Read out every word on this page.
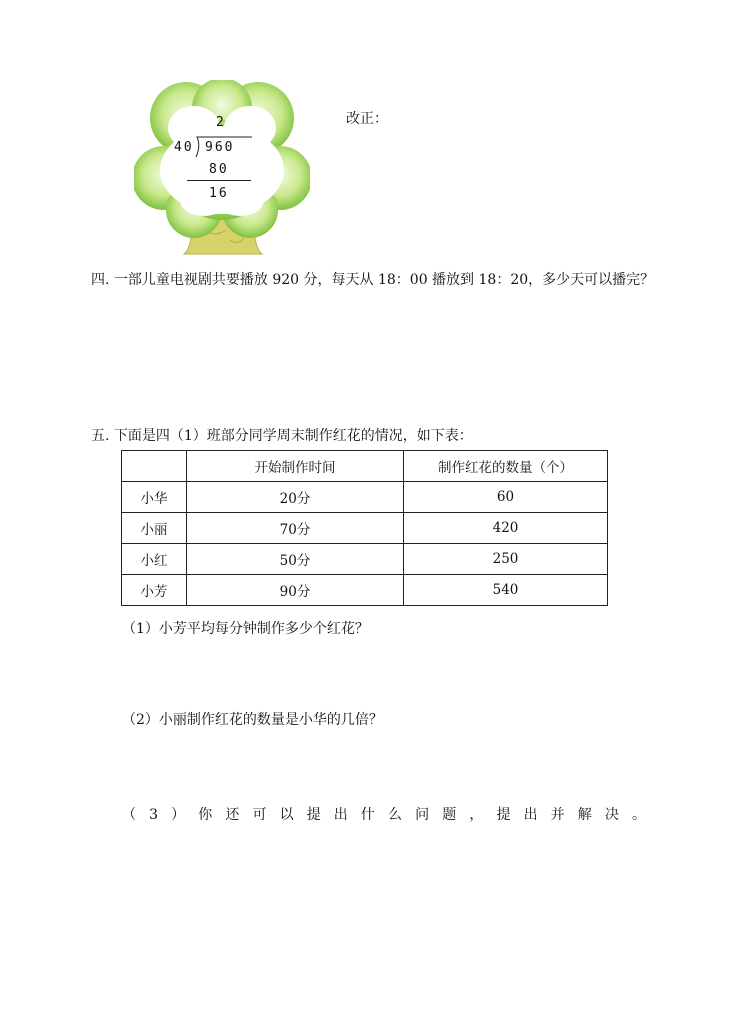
2
40 960
80
16
改正：
四. 一部儿童电视剧共要播放 920 分，每天从 18：00 播放到 18：20，多少天可以播完？
五. 下面是四（1）班部分同学周末制作红花的情况，如下表：
	开始制作时间	制作红花的数量（个）
小华	20分	60
小丽	70分	420
小红	50分	250
小芳	90分	540
（1）小芳平均每分钟制作多少个红花？
（2）小丽制作红花的数量是小华的几倍？
（ 3 ） 你 还 可 以 提 出 什 么 问 题 ， 提 出 并 解 决 。
